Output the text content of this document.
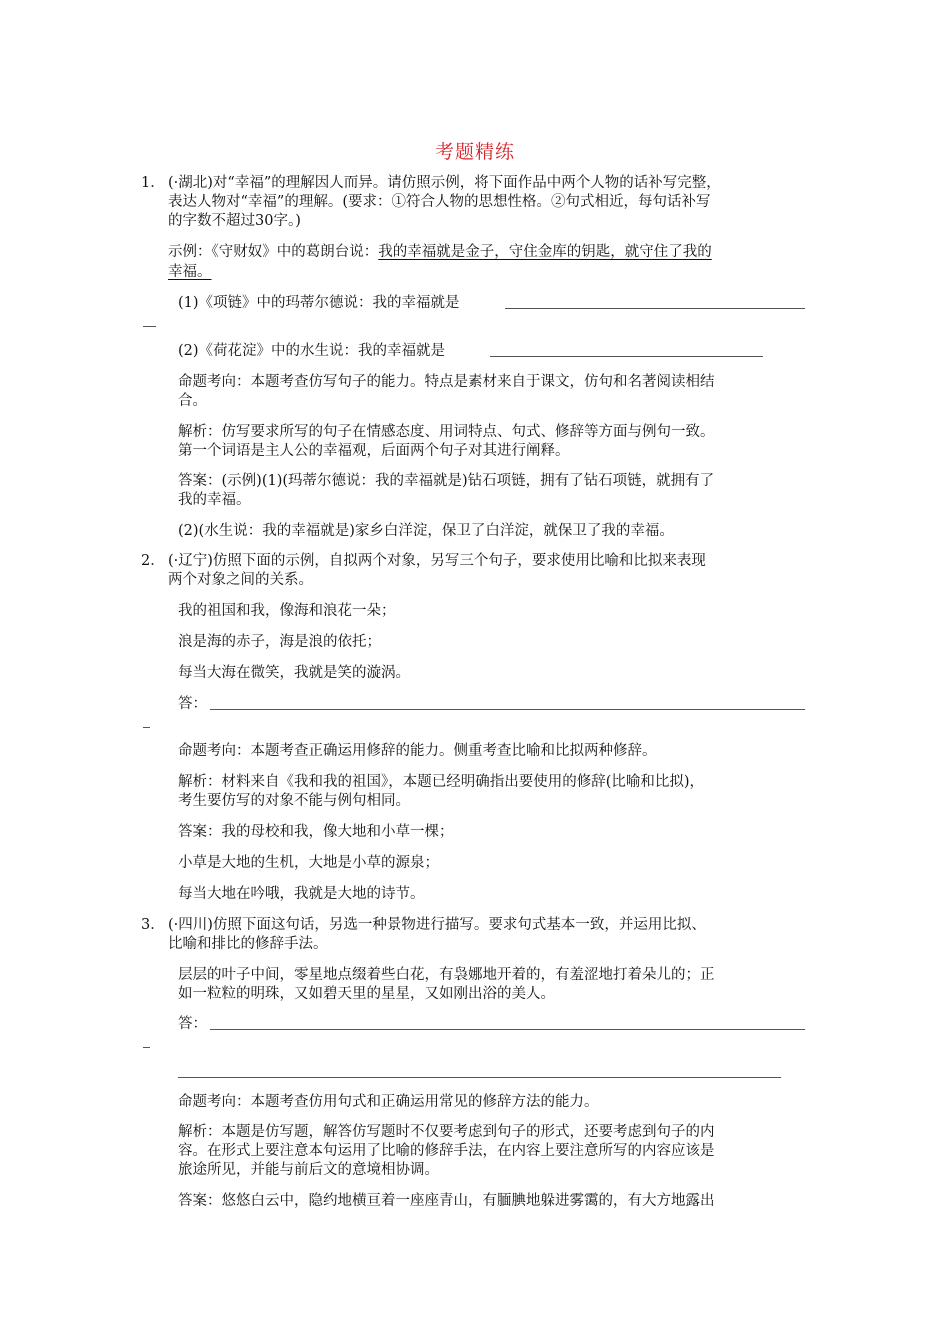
考题精练
1． (·湖北)对“幸福”的理解因人而异。请仿照示例，将下面作品中两个人物的话补写完整，
表达人物对“幸福”的理解。(要求：①符合人物的思想性格。②句式相近，每句话补写
的字数不超过30字。)
示例：《守财奴》中的葛朗台说：我的幸福就是金子，守住金库的钥匙，就守住了我的
幸福。
(1)《项链》中的玛蒂尔德说：我的幸福就是
(2)《荷花淀》中的水生说：我的幸福就是
命题考向：本题考查仿写句子的能力。特点是素材来自于课文，仿句和名著阅读相结
合。
解析：仿写要求所写的句子在情感态度、用词特点、句式、修辞等方面与例句一致。
第一个词语是主人公的幸福观，后面两个句子对其进行阐释。
答案：(示例)(1)(玛蒂尔德说：我的幸福就是)钻石项链，拥有了钻石项链，就拥有了
我的幸福。
(2)(水生说：我的幸福就是)家乡白洋淀，保卫了白洋淀，就保卫了我的幸福。
2． (·辽宁)仿照下面的示例，自拟两个对象，另写三个句子，要求使用比喻和比拟来表现
两个对象之间的关系。
我的祖国和我，像海和浪花一朵；
浪是海的赤子，海是浪的依托；
每当大海在微笑，我就是笑的漩涡。
答：
命题考向：本题考查正确运用修辞的能力。侧重考查比喻和比拟两种修辞。
解析：材料来自《我和我的祖国》，本题已经明确指出要使用的修辞(比喻和比拟)，
考生要仿写的对象不能与例句相同。
答案：我的母校和我，像大地和小草一棵；
小草是大地的生机，大地是小草的源泉；
每当大地在吟哦，我就是大地的诗节。
3． (·四川)仿照下面这句话，另选一种景物进行描写。要求句式基本一致，并运用比拟、
比喻和排比的修辞手法。
层层的叶子中间，零星地点缀着些白花，有袅娜地开着的，有羞涩地打着朵儿的；正
如一粒粒的明珠，又如碧天里的星星，又如刚出浴的美人。
答：
命题考向：本题考查仿用句式和正确运用常见的修辞方法的能力。
解析：本题是仿写题，解答仿写题时不仅要考虑到句子的形式，还要考虑到句子的内
容。在形式上要注意本句运用了比喻的修辞手法，在内容上要注意所写的内容应该是
旅途所见，并能与前后文的意境相协调。
答案：悠悠白云中，隐约地横亘着一座座青山，有腼腆地躲进雾霭的，有大方地露出
